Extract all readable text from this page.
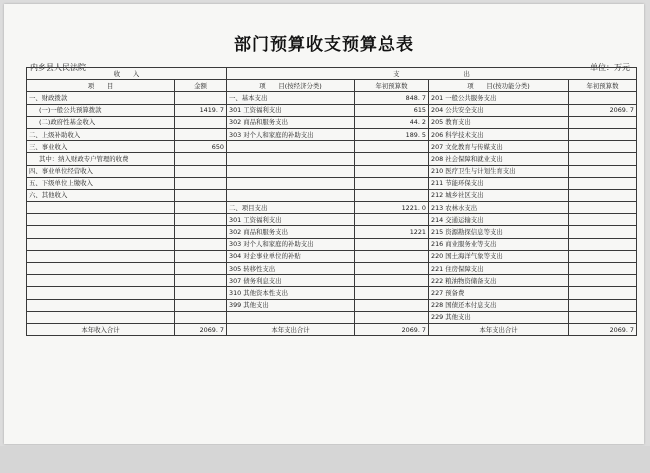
部门预算收支预算总表
内乡县人民法院	单位：万元
收　　入		支　　　　　　　　　　出			
项　　目	金额	项　　目(按经济分类)	年初预算数	项　　目(按功能分类)	年初预算数
一、财政拨款		一、基本支出	848. 7	201 一般公共服务支出	
(一)一般公共预算拨款	1419. 7	301 工资福利支出	615	204 公共安全支出	2069. 7
(二)政府性基金收入		302 商品和服务支出	44. 2	205 教育支出	
二、上级补助收入		303 对个人和家庭的补助支出	189. 5	206 科学技术支出	
三、事业收入	650			207 文化教育与传媒支出	
其中：纳入财政专户管理的收费				208 社会保障和就业支出	
四、事业单位经营收入				210 医疗卫生与计划生育支出	
五、下级单位上缴收入				211 节能环保支出	
六、其他收入				212 城乡社区支出	
		二、项目支出	1221. 0	213 农林水支出	
		301 工资福利支出		214 交通运输支出	
		302 商品和服务支出	1221	215 资源勘探信息等支出	
		303 对个人和家庭的补助支出		216 商业服务业等支出	
		304 对企事业单位的补贴		220 国土海洋气象等支出	
		305 转移性支出		221 住房保障支出	
		307 债务利息支出		222 粮油物资储备支出	
		310 其他资本性支出		227 预备费	
		399 其他支出		228 国债还本付息支出	
				229 其他支出	
本年收入合计	2069. 7	本年支出合计	2069. 7	本年支出合计	2069. 7
